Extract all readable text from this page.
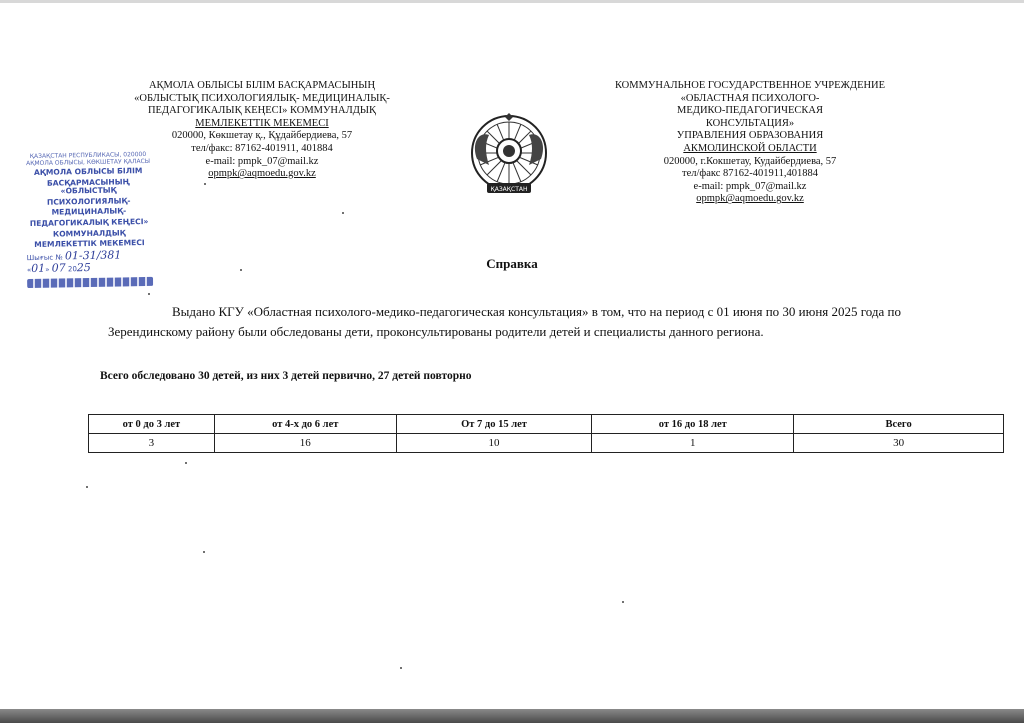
АҚМОЛА ОБЛЫСЫ БІЛІМ БАСҚАРМАСЫНЫҢ
«ОБЛЫСТЫҚ ПСИХОЛОГИЯЛЫҚ- МЕДИЦИНАЛЫҚ-
ПЕДАГОГИКАЛЫҚ КЕҢЕСІ» КОММУНАЛДЫҚ
МЕМЛЕКЕТТІК МЕКЕМЕСІ
020000, Көкшетау қ., Құдайбердиева, 57
тел/факс: 87162-401911, 401884
e-mail: pmpk_07@mail.kz
opmpk@aqmoedu.gov.kz
ҚАЗАҚСТАН
КОММУНАЛЬНОЕ ГОСУДАРСТВЕННОЕ УЧРЕЖДЕНИЕ
«ОБЛАСТНАЯ ПСИХОЛОГО-
МЕДИКО-ПЕДАГОГИЧЕСКАЯ
КОНСУЛЬТАЦИЯ»
УПРАВЛЕНИЯ ОБРАЗОВАНИЯ
АКМОЛИНСКОЙ ОБЛАСТИ
020000, г.Кокшетау, Кудайбердиева, 57
тел/факс 87162-401911,401884
e-mail: pmpk_07@mail.kz
opmpk@aqmoedu.gov.kz
ҚАЗАҚСТАН РЕСПУБЛИКАСЫ, 020000
АҚМОЛА ОБЛЫСЫ, КӨКШЕТАУ ҚАЛАСЫ
АҚМОЛА ОБЛЫСЫ БІЛІМ
БАСҚАРМАСЫНЫҢ «ОБЛЫСТЫҚ
ПСИХОЛОГИЯЛЫҚ-
МЕДИЦИНАЛЫҚ-
ПЕДАГОГИКАЛЫҚ КЕҢЕСІ»
КОММУНАЛДЫҚ
МЕМЛЕКЕТТІК МЕКЕМЕСІ
Шығыс № 01-31/381
«01» 07 2025	Справка
Выдано КГУ «Областная психолого-медико-педагогическая консультация» в том, что на период с 01 июня по 30 июня 2025 года по Зерендинскому району были обследованы дети, проконсультированы родители детей и специалисты данного региона.
Всего обследовано 30 детей, из них 3 детей первично, 27 детей повторно
от 0 до 3 лет	от 4-х до 6 лет	От 7 до 15 лет	от 16 до 18 лет	Всего
3	16	10	1	30
